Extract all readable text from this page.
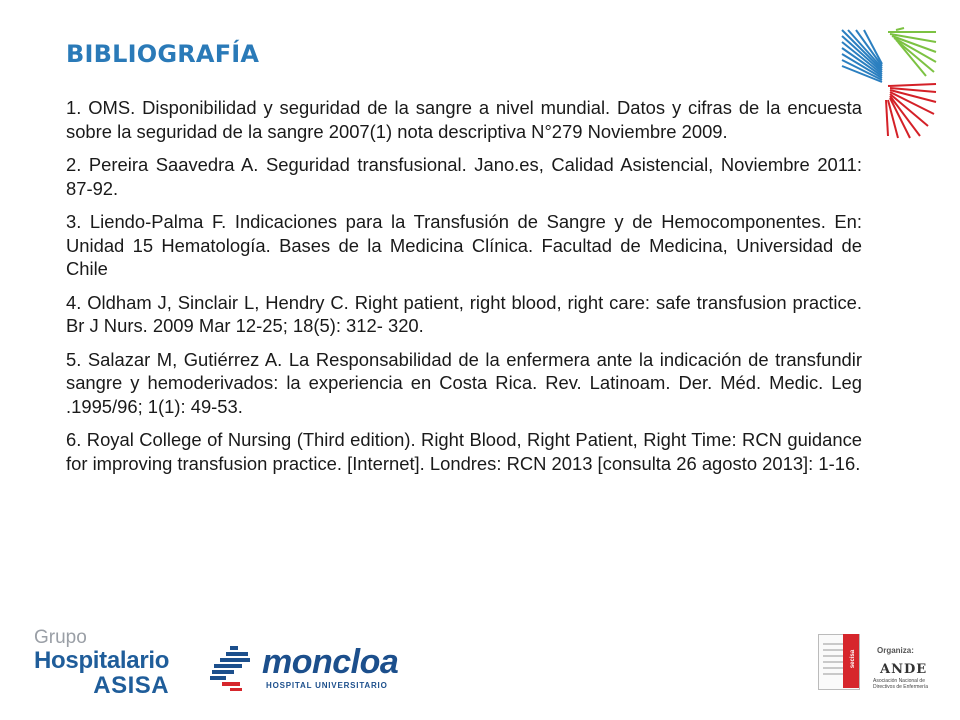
BIBLIOGRAFÍA

1. OMS. Disponibilidad y seguridad de la sangre a nivel mundial. Datos y cifras de la encuesta sobre la seguridad de la sangre 2007(1) nota descriptiva N°279 Noviembre 2009.

2. Pereira Saavedra A. Seguridad transfusional. Jano.es, Calidad Asistencial, Noviembre 2011: 87-92.

3. Liendo-Palma F. Indicaciones para la Transfusión de Sangre y de Hemocomponentes. En: Unidad 15 Hematología. Bases de la Medicina Clínica. Facultad de Medicina, Universidad de Chile

4. Oldham J, Sinclair L, Hendry C. Right patient, right blood, right care: safe transfusion practice. Br J Nurs. 2009 Mar 12-25; 18(5): 312- 320.

5. Salazar M, Gutiérrez A. La Responsabilidad de la enfermera ante la indicación de transfundir sangre y hemoderivados: la experiencia en Costa Rica. Rev. Latinoam. Der. Méd. Medic. Leg .1995/96; 1(1): 49-53.

6. Royal College of Nursing (Third edition). Right Blood, Right Patient, Right Time: RCN guidance for improving transfusion practice. [Internet]. Londres: RCN 2013 [consulta 26 agosto 2013]: 1-16.

Grupo
Hospitalario
ASISA
moncloa
HOSPITAL UNIVERSITARIO
secisa	Organiza:
ANDE
Asociación Nacional de Directivos de Enfermería
